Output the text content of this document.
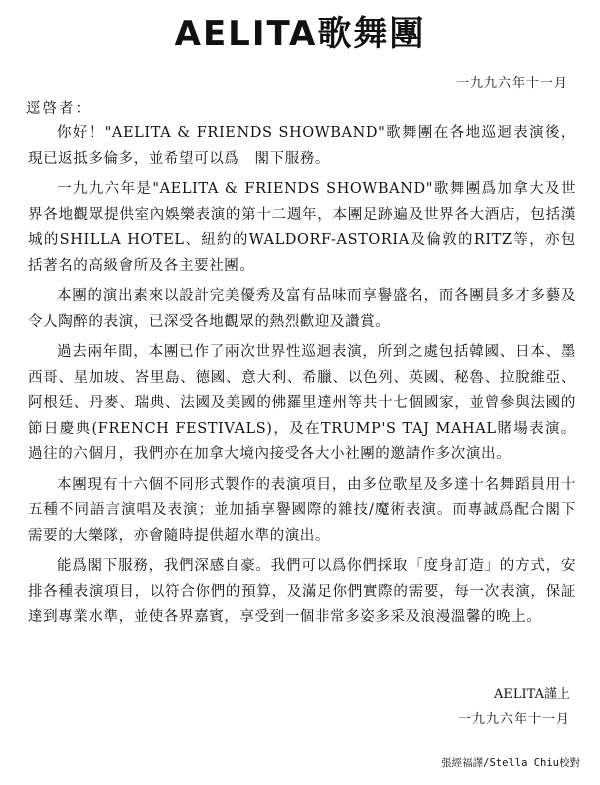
AELITA歌舞團
一九九六年十一月
逕啓者：

你好！"AELITA & FRIENDS SHOWBAND"歌舞團在各地巡迴表演後，現已返抵多倫多，並希望可以爲　閣下服務。

一九九六年是"AELITA & FRIENDS SHOWBAND"歌舞團爲加拿大及世界各地觀眾提供室內娛樂表演的第十二週年，本團足跡遍及世界各大酒店，包括漢城的SHILLA HOTEL、紐約的WALDORF-ASTORIA及倫敦的RITZ等，亦包括著名的高級會所及各主要社團。

本團的演出素來以設計完美優秀及富有品味而享譽盛名，而各團員多才多藝及令人陶醉的表演，已深受各地觀眾的熱烈歡迎及讚賞。

過去兩年間，本團已作了兩次世界性巡迴表演，所到之處包括韓國、日本、墨西哥、星加坡、峇里島、德國、意大利、希臘、以色列、英國、秘魯、拉脫維亞、阿根廷、丹麥、瑞典、法國及美國的佛羅里達州等共十七個國家，並曾參與法國的節日慶典(FRENCH FESTIVALS)，及在TRUMP'S TAJ MAHAL賭場表演。過往的六個月，我們亦在加拿大境內接受各大小社團的邀請作多次演出。

本團現有十六個不同形式製作的表演項目，由多位歌星及多達十名舞蹈員用十五種不同語言演唱及表演；並加插享譽國際的雜技/魔術表演。而專誠爲配合閣下需要的大樂隊，亦會隨時提供超水準的演出。

能爲閣下服務，我們深感自豪。我們可以爲你們採取「度身訂造」的方式，安排各種表演項目，以符合你們的預算，及滿足你們實際的需要，每一次表演，保証達到專業水準，並使各界嘉賓，享受到一個非常多姿多采及浪漫溫馨的晚上。

AELITA謹上
一九九六年十一月
張經福譯/Stella Chiu校對
